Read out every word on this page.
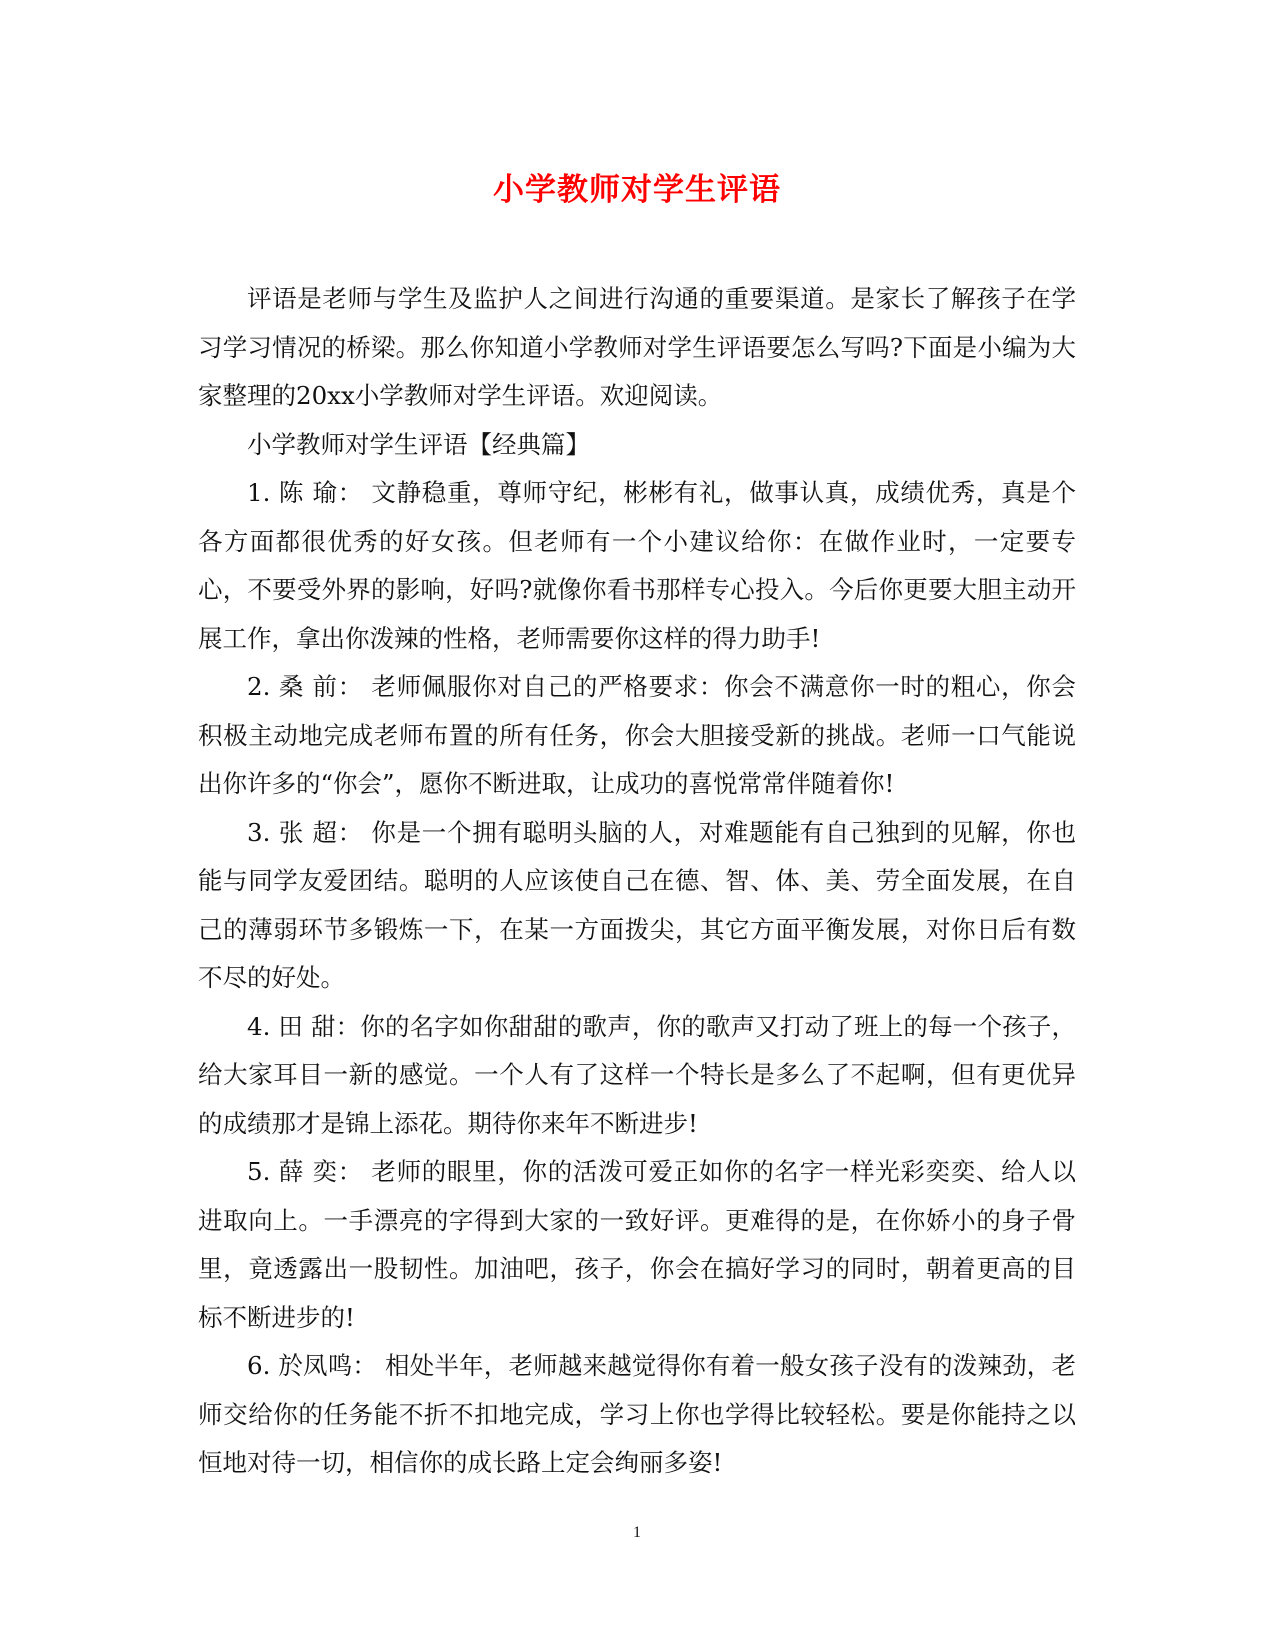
小学教师对学生评语

评语是老师与学生及监护人之间进行沟通的重要渠道。是家长了解孩子在学习学习情况的桥梁。那么你知道小学教师对学生评语要怎么写吗?下面是小编为大家整理的20xx小学教师对学生评语。欢迎阅读。

小学教师对学生评语【经典篇】

1. 陈 瑜： 文静稳重，尊师守纪，彬彬有礼，做事认真，成绩优秀，真是个各方面都很优秀的好女孩。但老师有一个小建议给你：在做作业时，一定要专心，不要受外界的影响，好吗?就像你看书那样专心投入。今后你更要大胆主动开展工作，拿出你泼辣的性格，老师需要你这样的得力助手!

2. 桑 前： 老师佩服你对自己的严格要求：你会不满意你一时的粗心，你会积极主动地完成老师布置的所有任务，你会大胆接受新的挑战。老师一口气能说出你许多的“你会”，愿你不断进取，让成功的喜悦常常伴随着你!

3. 张 超： 你是一个拥有聪明头脑的人，对难题能有自己独到的见解，你也能与同学友爱团结。聪明的人应该使自己在德、智、体、美、劳全面发展，在自己的薄弱环节多锻炼一下，在某一方面拨尖，其它方面平衡发展，对你日后有数不尽的好处。

4. 田 甜：你的名字如你甜甜的歌声，你的歌声又打动了班上的每一个孩子，给大家耳目一新的感觉。一个人有了这样一个特长是多么了不起啊，但有更优异的成绩那才是锦上添花。期待你来年不断进步!

5. 薛 奕： 老师的眼里，你的活泼可爱正如你的名字一样光彩奕奕、给人以进取向上。一手漂亮的字得到大家的一致好评。更难得的是，在你娇小的身子骨里，竟透露出一股韧性。加油吧，孩子，你会在搞好学习的同时，朝着更高的目标不断进步的!

6. 於凤鸣： 相处半年，老师越来越觉得你有着一般女孩子没有的泼辣劲，老师交给你的任务能不折不扣地完成，学习上你也学得比较轻松。要是你能持之以恒地对待一切，相信你的成长路上定会绚丽多姿!

1
